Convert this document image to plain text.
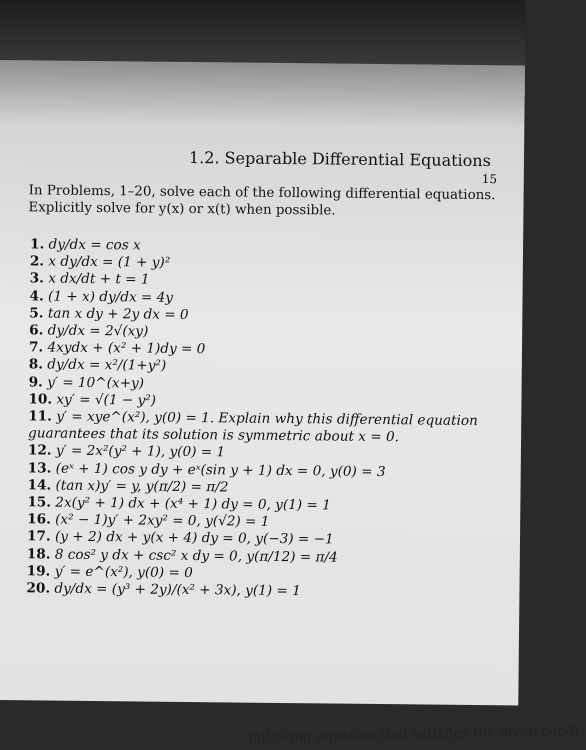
1.2. Separable Differential Equations
15
In Problems, 1–20, solve each of the following differential equations. Explicitly solve for y(x) or x(t) when possible.
1. dy/dx = cos x
2. x dy/dx = (1 + y)²
3. x dx/dt + t = 1
4. (1 + x) dy/dx = 4y
5. tan x dy + 2y dx = 0
6. dy/dx = 2√(xy)
7. 4xydx + (x² + 1)dy = 0
8. dy/dx = x²/(1+y²)
9. y′ = 10^(x+y)
10. xy′ = √(1 − y²)
11. y′ = xye^(x²), y(0) = 1. Explain why this differential equation guarantees that its solution is symmetric about x = 0.
12. y′ = 2x²(y² + 1), y(0) = 1
13. (eˣ + 1) cos y dy + eˣ(sin y + 1) dx = 0, y(0) = 3
14. (tan x)y′ = y, y(π/2) = π/2
15. 2x(y² + 1) dx + (x⁴ + 1) dy = 0, y(1) = 1
16. (x² − 1)y′ + 2xy² = 0, y(√2) = 1
17. (y + 2) dx + y(x + 4) dy = 0, y(−3) = −1
18. 8 cos² y dx + csc² x dy = 0, y(π/12) = π/4
19. y′ = e^(x²), y(0) = 0
20. dy/dx = (y³ + 2y)/(x² + 3x), y(1) = 1
following equation that satisfies the given condi
